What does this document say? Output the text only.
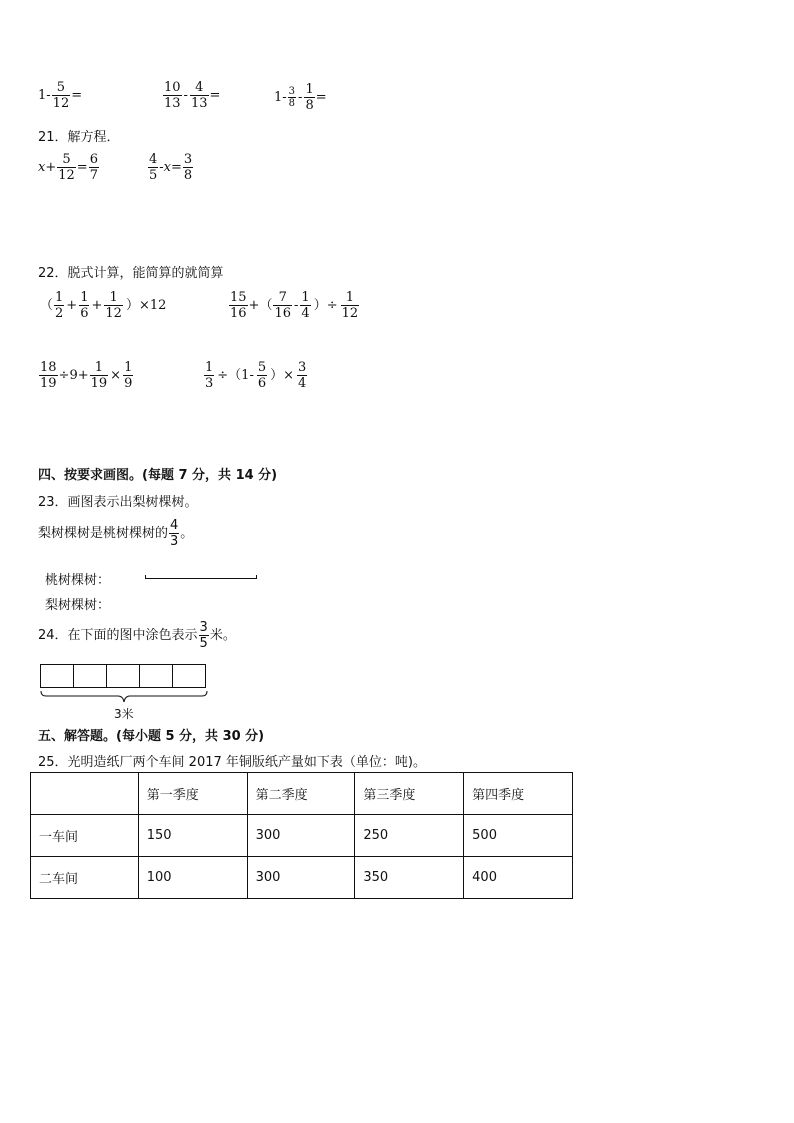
$1- \frac{5}{12}$ =	$\frac{10}{13} - \frac{4}{13}$ =	$1- \frac{3}{8} - \frac{1}{8}$ =
21．解方程．
$x+ \frac{5}{12} = \frac{6}{7}$	$\frac{4}{5} -x= \frac{3}{8}$
22．脱式计算，能简算的就简算
（ $\frac{1}{2} + \frac{1}{6} + \frac{1}{12} )\times 12$	$\frac{15}{16}$ +（ $\frac{7}{16} - \frac{1}{4}$ ）÷ $\frac{1}{12}$
$\frac{18}{19} \div 9+ \frac{1}{19} \times \frac{1}{9}$	$\frac{1}{3} \div(1- \frac{5}{6}$ ）× $\frac{3}{4}$
四、按要求画图。(每题 7 分，共 14 分)
23．画图表示出梨树棵树。
梨树棵树是桃树棵树的 $\frac{4}{3}$ 。
桃树棵树：
梨树棵树：
24．在下面的图中涂色表示 $\frac{3}{5}$ 米。
3米
五、解答题。(每小题 5 分，共 30 分)
25．光明造纸厂两个车间 2017 年铜版纸产量如下表（单位：吨)。
	第一季度	第二季度	第三季度	第四季度
一车间	150	300	250	500
二车间	100	300	350	400
